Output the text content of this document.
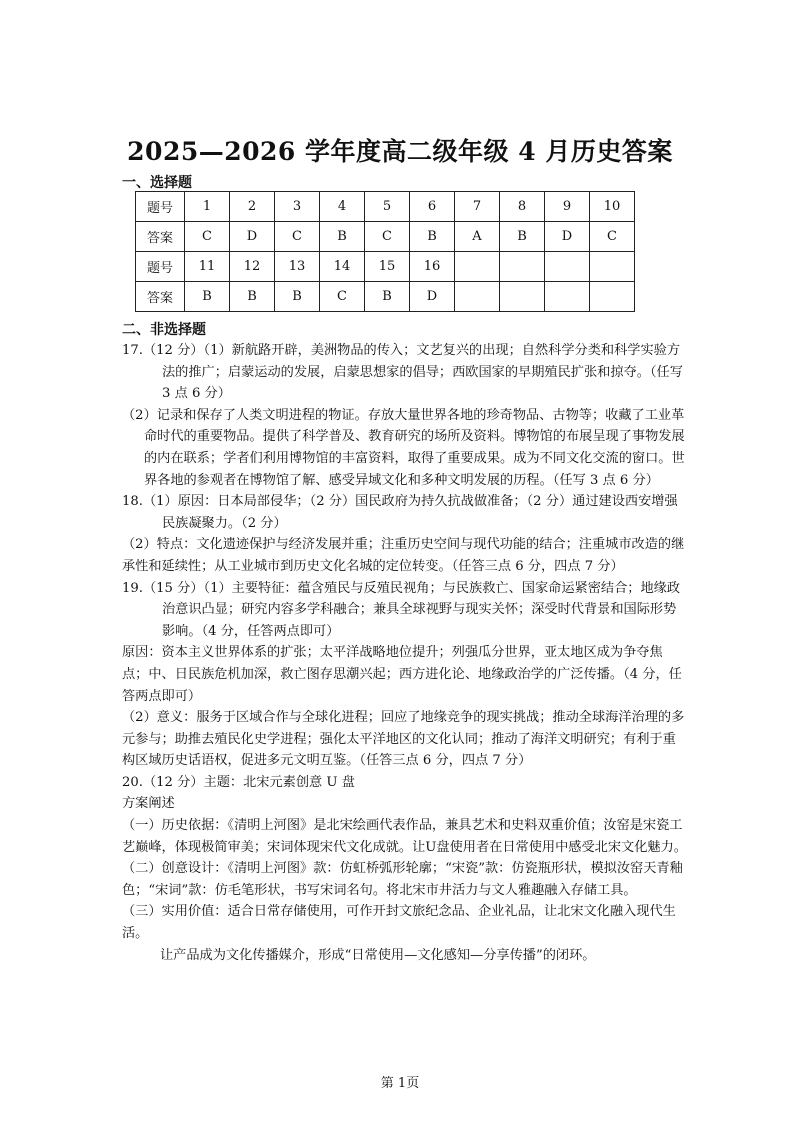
2025—2026 学年度高二级年级 4 月历史答案
一、选择题
题号	1	2	3	4	5	6	7	8	9	10
答案	C	D	C	B	C	B	A	B	D	C
题号	11	12	13	14	15	16				
答案	B	B	B	C	B	D				
二、非选择题

17.（12 分）（1）新航路开辟，美洲物品的传入；文艺复兴的出现；自然科学分类和科学实验方法的推广；启蒙运动的发展，启蒙思想家的倡导；西欧国家的早期殖民扩张和掠夺。（任写 3 点 6 分）

（2）记录和保存了人类文明进程的物证。存放大量世界各地的珍奇物品、古物等；收藏了工业革命时代的重要物品。提供了科学普及、教育研究的场所及资料。博物馆的布展呈现了事物发展的内在联系；学者们利用博物馆的丰富资料，取得了重要成果。成为不同文化交流的窗口。世界各地的参观者在博物馆了解、感受异域文化和多种文明发展的历程。（任写 3 点 6 分）

18.（1）原因：日本局部侵华；（2 分）国民政府为持久抗战做准备；（2 分）通过建设西安增强民族凝聚力。（2 分）

（2）特点：文化遗迹保护与经济发展并重；注重历史空间与现代功能的结合；注重城市改造的继承性和延续性；从工业城市到历史文化名城的定位转变。（任答三点 6 分，四点 7 分）

19.（15 分）（1）主要特征：蕴含殖民与反殖民视角；与民族救亡、国家命运紧密结合；地缘政治意识凸显；研究内容多学科融合；兼具全球视野与现实关怀；深受时代背景和国际形势影响。（4 分，任答两点即可）

原因：资本主义世界体系的扩张；太平洋战略地位提升；列强瓜分世界，亚太地区成为争夺焦点；中、日民族危机加深，救亡图存思潮兴起；西方进化论、地缘政治学的广泛传播。（4 分，任答两点即可）

（2）意义：服务于区域合作与全球化进程；回应了地缘竞争的现实挑战；推动全球海洋治理的多元参与；助推去殖民化史学进程；强化太平洋地区的文化认同；推动了海洋文明研究；有利于重构区域历史话语权，促进多元文明互鉴。（任答三点 6 分，四点 7 分）

20.（12 分）主题：北宋元素创意 U 盘

方案阐述

（一）历史依据：《清明上河图》是北宋绘画代表作品，兼具艺术和史料双重价值；汝窑是宋瓷工艺巅峰，体现极简审美；宋词体现宋代文化成就。让U盘使用者在日常使用中感受北宋文化魅力。

（二）创意设计：《清明上河图》款：仿虹桥弧形轮廓；“宋瓷”款：仿瓷瓶形状，模拟汝窑天青釉色；“宋词”款：仿毛笔形状，书写宋词名句。将北宋市井活力与文人雅趣融入存储工具。

（三）实用价值：适合日常存储使用，可作开封文旅纪念品、企业礼品，让北宋文化融入现代生活。

让产品成为文化传播媒介，形成“日常使用—文化感知—分享传播”的闭环。

第 1页
